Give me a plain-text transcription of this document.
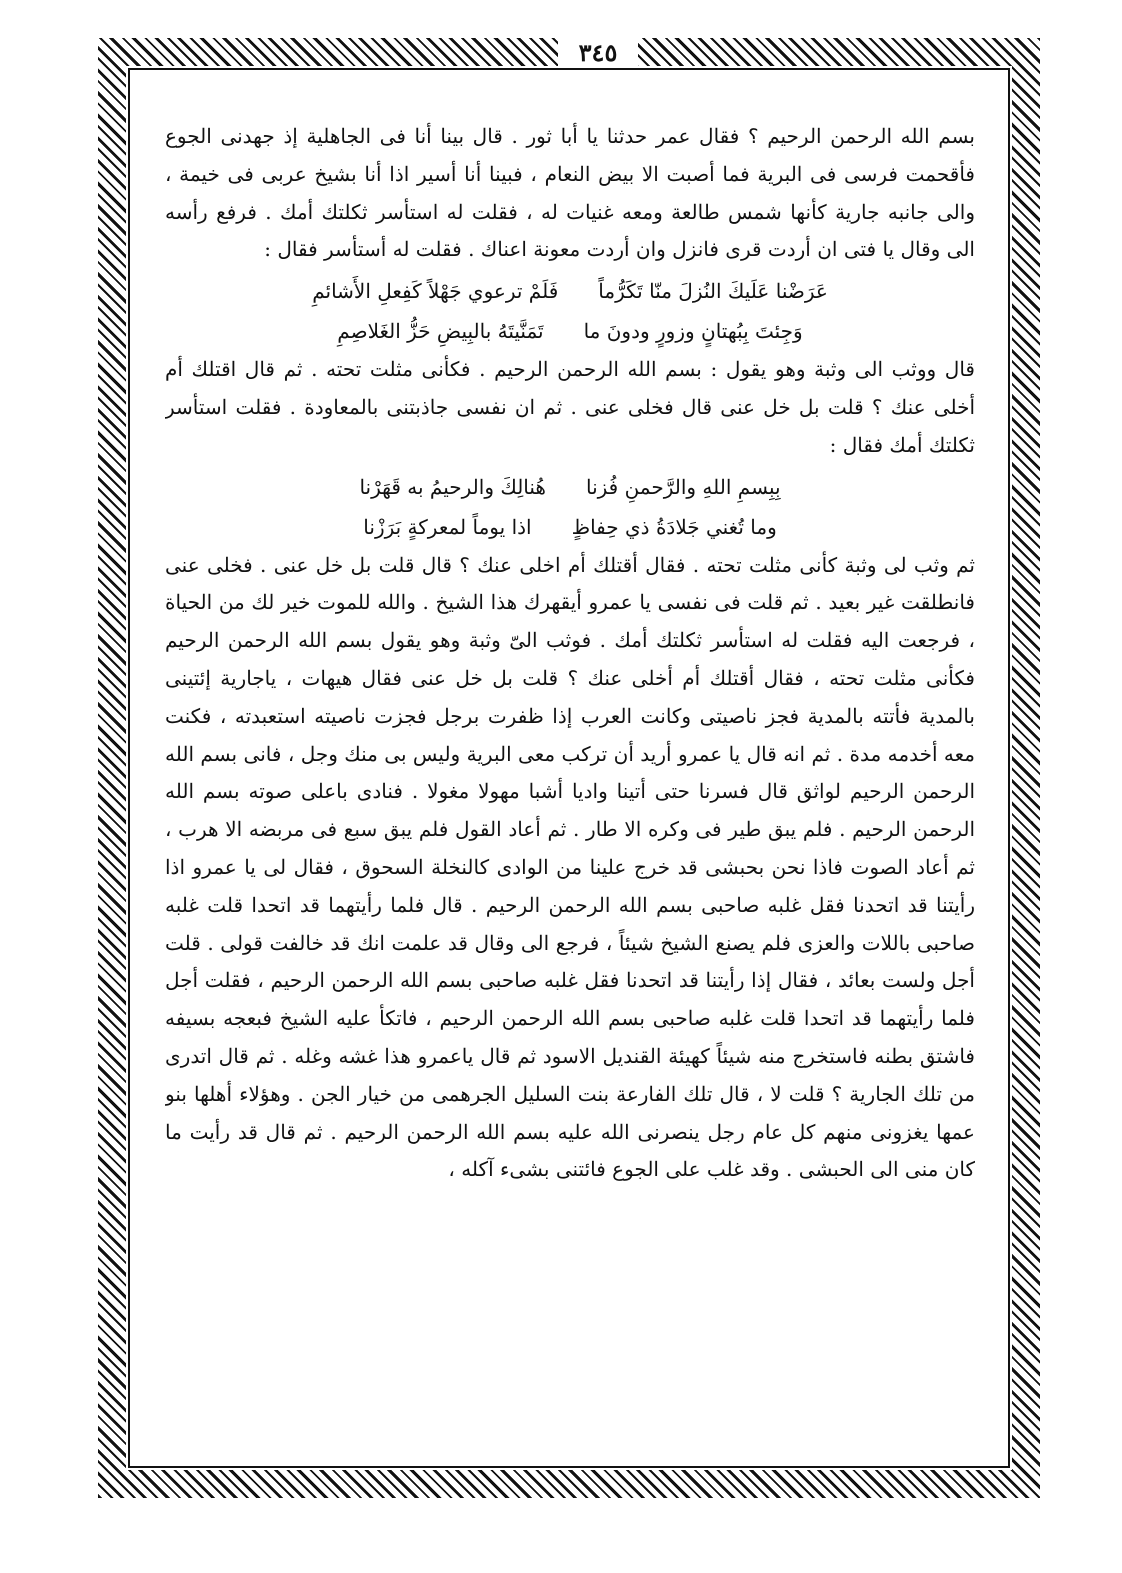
٣٤٥

بسم الله الرحمن الرحيم ؟ فقال عمر حدثنا يا أبا ثور . قال بينا أنا فى الجاهلية إذ جهدنى الجوع فأقحمت فرسى فى البرية فما أصبت الا بيض النعام ، فبينا أنا أسير اذا أنا بشيخ عربى فى خيمة ، والى جانبه جارية كأنها شمس طالعة ومعه غنيات له ، فقلت له استأسر ثكلتك أمك . فرفع رأسه الى وقال يا فتى ان أردت قرى فانزل وان أردت معونة اعناك . فقلت له أستأسر فقال :

عَرَضْنا عَلَيكَ النُزلَ منّا تَكَرُّماً
فَلَمْ ترعوي جَهْلاً كَفِعلِ الأَشائمِ
وَجِئتَ بِبُهتانٍ وزورٍ ودونَ ما
تَمَنَّيتَهُ بالبِيضِ حَزُّ الغَلاصِمِ

قال ووثب الى وثبة وهو يقول : بسم الله الرحمن الرحيم . فكأنى مثلت تحته . ثم قال اقتلك أم أخلى عنك ؟ قلت بل خل عنى قال فخلى عنى . ثم ان نفسى جاذبتنى بالمعاودة . فقلت استأسر ثكلتك أمك فقال :

بِبِسمِ اللهِ والرَّحمنِ فُزنا
هُنالِكَ والرحيمُ به قَهَرْنا
وما تُغني جَلادَةُ ذي حِفاظٍ
اذا يوماً لمعركةٍ بَرَزْنا

ثم وثب لى وثبة كأنى مثلت تحته . فقال أقتلك أم اخلى عنك ؟ قال قلت بل خل عنى . فخلى عنى فانطلقت غير بعيد . ثم قلت فى نفسى يا عمرو أيقهرك هذا الشيخ . والله للموت خير لك من الحياة ، فرجعت اليه فقلت له استأسر ثكلتك أمك . فوثب الىّ وثبة وهو يقول بسم الله الرحمن الرحيم فكأنى مثلت تحته ، فقال أقتلك أم أخلى عنك ؟ قلت بل خل عنى فقال هيهات ، ياجارية إئتينى بالمدية فأتته بالمدية فجز ناصيتى وكانت العرب إذا ظفرت برجل فجزت ناصيته استعبدته ، فكنت معه أخدمه مدة . ثم انه قال يا عمرو أريد أن تركب معى البرية وليس بى منك وجل ، فانى بسم الله الرحمن الرحيم لواثق قال فسرنا حتى أتينا واديا أشبا مهولا مغولا . فنادى باعلى صوته بسم الله الرحمن الرحيم . فلم يبق طير فى وكره الا طار . ثم أعاد القول فلم يبق سبع فى مربضه الا هرب ، ثم أعاد الصوت فاذا نحن بحبشى قد خرج علينا من الوادى كالنخلة السحوق ، فقال لى يا عمرو اذا رأيتنا قد اتحدنا فقل غلبه صاحبى بسم الله الرحمن الرحيم . قال فلما رأيتهما قد اتحدا قلت غلبه صاحبى باللات والعزى فلم يصنع الشيخ شيئاً ، فرجع الى وقال قد علمت انك قد خالفت قولى . قلت أجل ولست بعائد ، فقال إذا رأيتنا قد اتحدنا فقل غلبه صاحبى بسم الله الرحمن الرحيم ، فقلت أجل فلما رأيتهما قد اتحدا قلت غلبه صاحبى بسم الله الرحمن الرحيم ، فاتكأ عليه الشيخ فبعجه بسيفه فاشتق بطنه فاستخرج منه شيئاً كهيئة القنديل الاسود ثم قال ياعمرو هذا غشه وغله . ثم قال اتدرى من تلك الجارية ؟ قلت لا ، قال تلك الفارعة بنت السليل الجرهمى من خيار الجن . وهؤلاء أهلها بنو عمها يغزونى منهم كل عام رجل ينصرنى الله عليه بسم الله الرحمن الرحيم . ثم قال قد رأيت ما كان منى الى الحبشى . وقد غلب على الجوع فائتنى بشىء آكله ،
